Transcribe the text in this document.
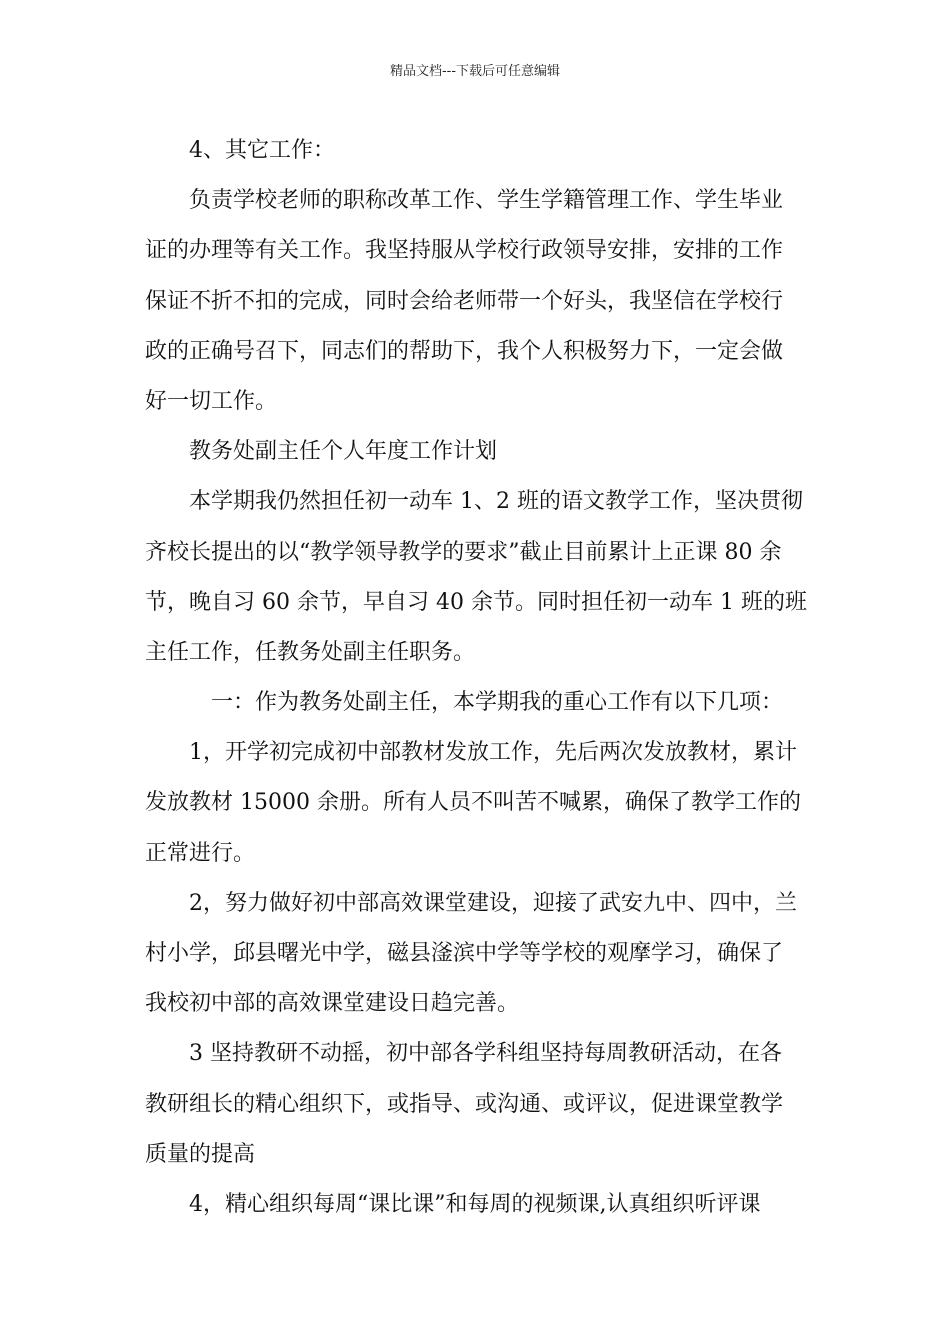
精品文档---下载后可任意编辑
4、其它工作：
负责学校老师的职称改革工作、学生学籍管理工作、学生毕业
证的办理等有关工作。我坚持服从学校行政领导安排，安排的工作
保证不折不扣的完成，同时会给老师带一个好头，我坚信在学校行
政的正确号召下，同志们的帮助下，我个人积极努力下，一定会做
好一切工作。
教务处副主任个人年度工作计划
本学期我仍然担任初一动车 1、2 班的语文教学工作，坚决贯彻
齐校长提出的以“教学领导教学的要求”截止目前累计上正课 80 余
节，晚自习 60 余节，早自习 40 余节。同时担任初一动车 1 班的班
主任工作，任教务处副主任职务。
一：作为教务处副主任，本学期我的重心工作有以下几项：
1，开学初完成初中部教材发放工作，先后两次发放教材，累计
发放教材 15000 余册。所有人员不叫苦不喊累，确保了教学工作的
正常进行。
2，努力做好初中部高效课堂建设，迎接了武安九中、四中，兰
村小学，邱县曙光中学，磁县滏滨中学等学校的观摩学习，确保了
我校初中部的高效课堂建设日趋完善。
3 坚持教研不动摇，初中部各学科组坚持每周教研活动，在各
教研组长的精心组织下，或指导、或沟通、或评议，促进课堂教学
质量的提高
4，精心组织每周“课比课”和每周的视频课,认真组织听评课
